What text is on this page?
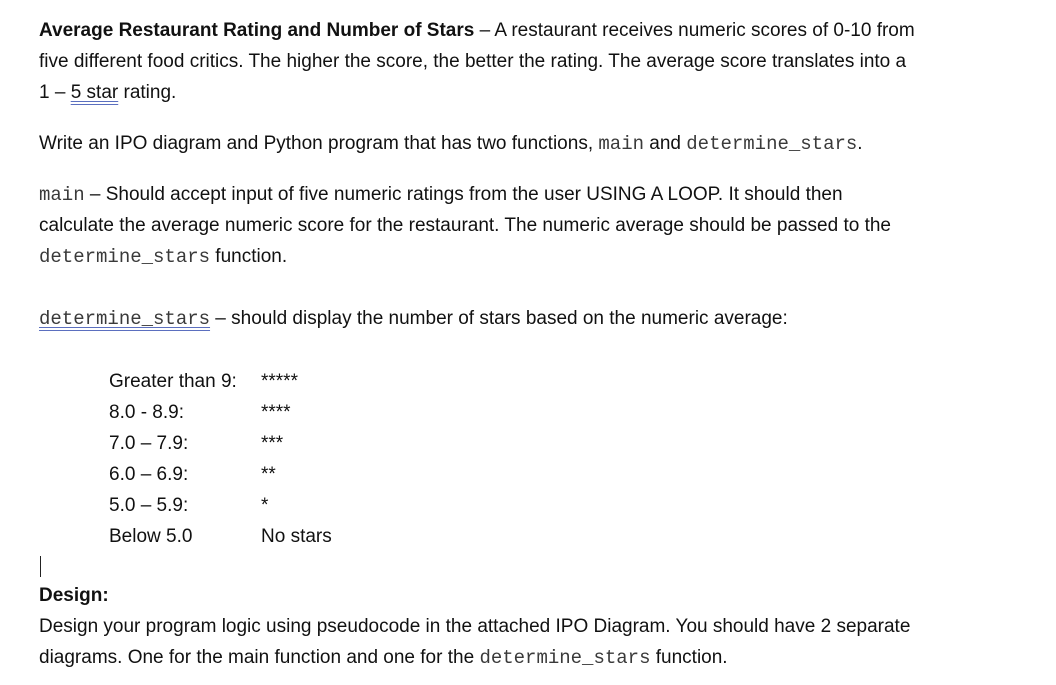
Average Restaurant Rating and Number of Stars – A restaurant receives numeric scores of 0-10 from
five different food critics. The higher the score, the better the rating. The average score translates into a
1 – 5 star rating.
Write an IPO diagram and Python program that has two functions, main and determine_stars.
main – Should accept input of five numeric ratings from the user USING A LOOP. It should then
calculate the average numeric score for the restaurant. The numeric average should be passed to the
determine_stars function.
determine_stars – should display the number of stars based on the numeric average:
Greater than 9: *****
8.0 - 8.9:	****
7.0 – 7.9:	***
6.0 – 6.9:	**
5.0 – 5.9:	*
Below 5.0	No stars
Design:
Design your program logic using pseudocode in the attached IPO Diagram. You should have 2 separate
diagrams. One for the main function and one for the determine_stars function.
